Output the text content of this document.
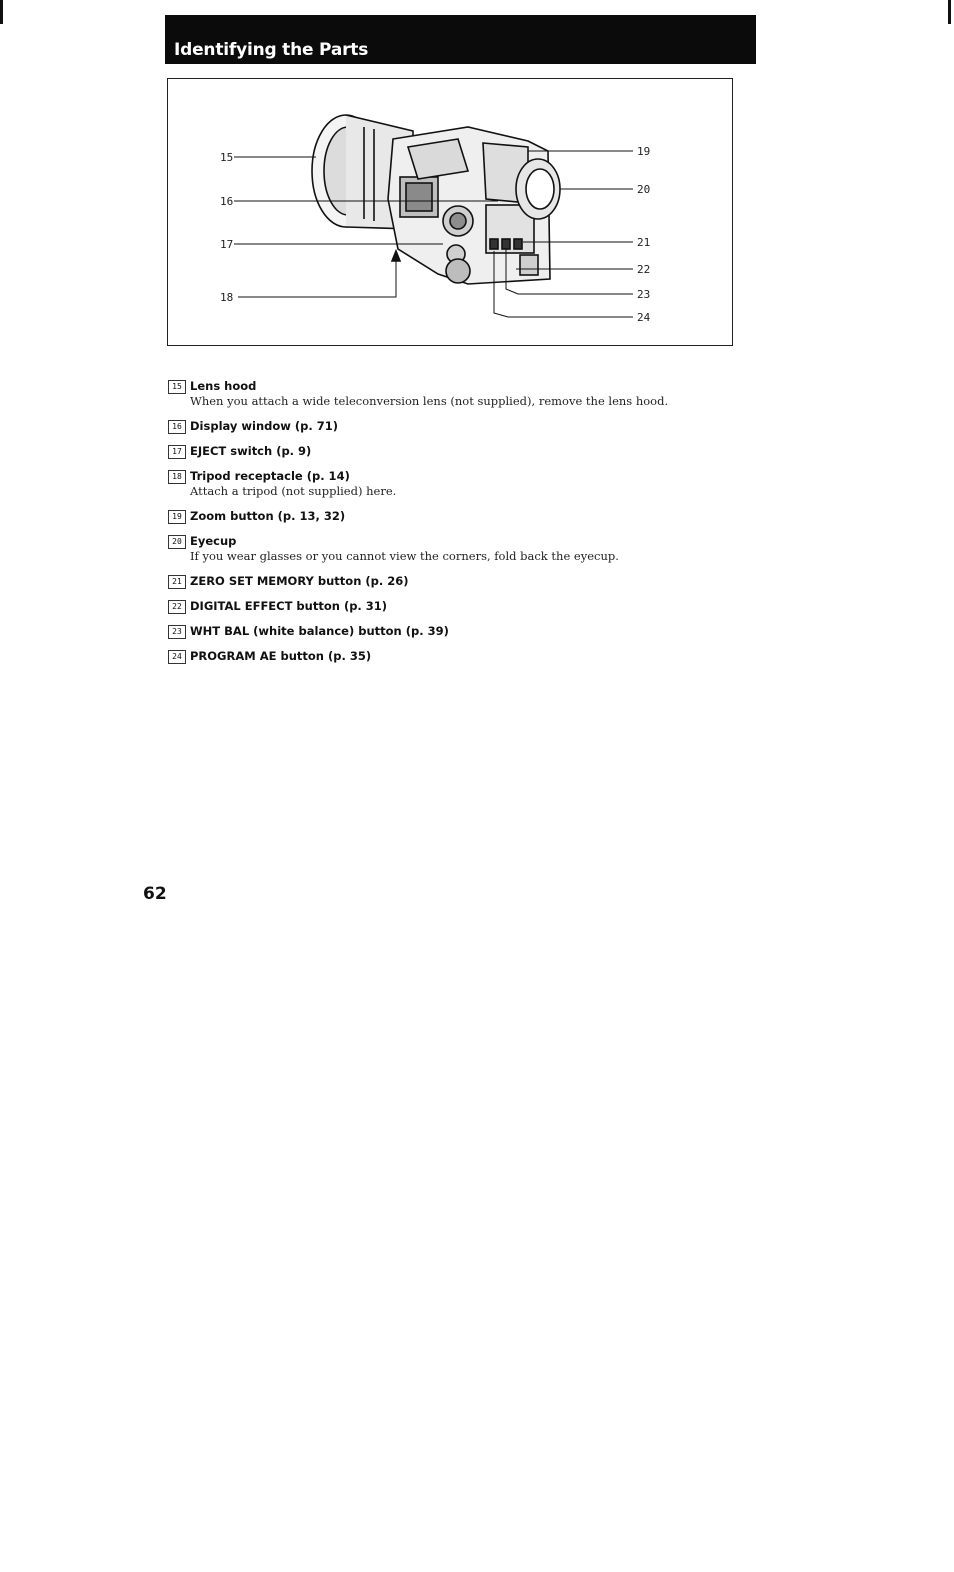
Identifying the Parts
15
16
17
18
19
20
21
22
23
24
15 Lens hood
When you attach a wide teleconversion lens (not supplied), remove the lens hood.
16 Display window (p. 71)
17 EJECT switch (p. 9)
18 Tripod receptacle (p. 14)
Attach a tripod (not supplied) here.
19 Zoom button (p. 13, 32)
20 Eyecup
If you wear glasses or you cannot view the corners, fold back the eyecup.
21 ZERO SET MEMORY button (p. 26)
22 DIGITAL EFFECT button (p. 31)
23 WHT BAL (white balance) button (p. 39)
24 PROGRAM AE button (p. 35)
62
